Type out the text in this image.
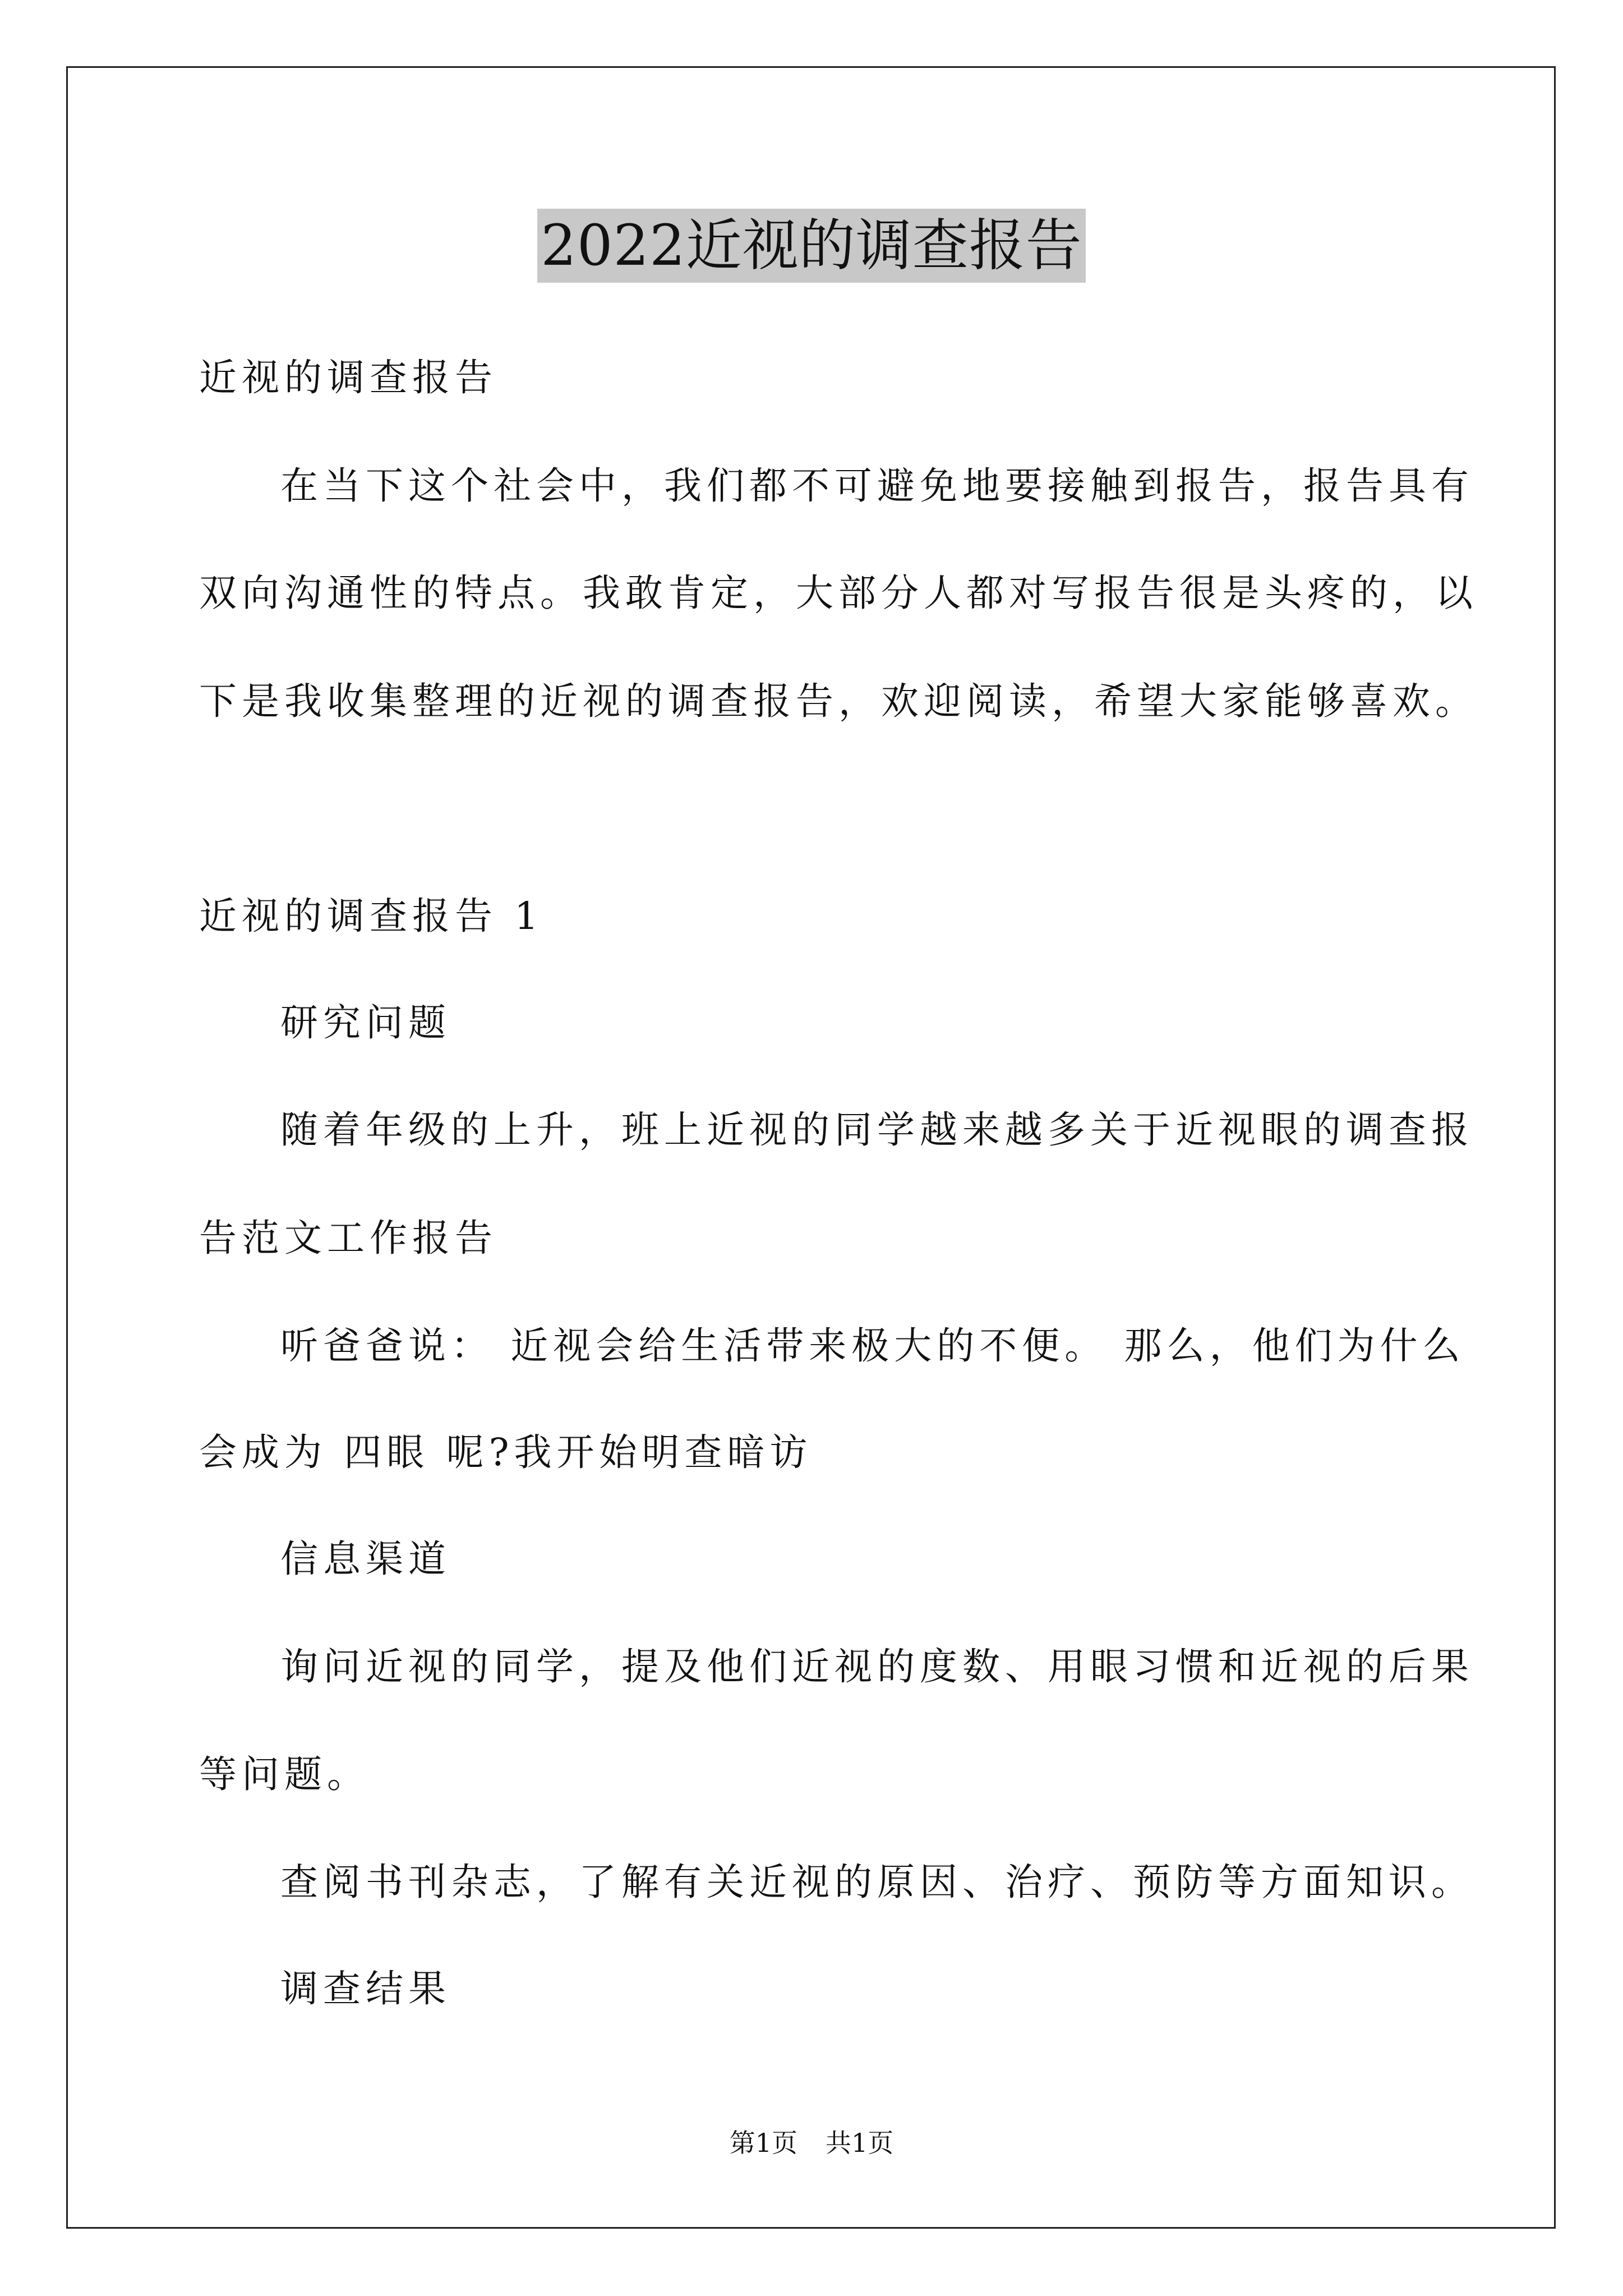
2022近视的调查报告
近视的调查报告
在当下这个社会中，我们都不可避免地要接触到报告，报告具有
双向沟通性的特点。我敢肯定，大部分人都对写报告很是头疼的，以
下是我收集整理的近视的调查报告，欢迎阅读，希望大家能够喜欢。
近视的调查报告 1
研究问题
随着年级的上升，班上近视的同学越来越多关于近视眼的调查报
告范文工作报告
听爸爸说： 近视会给生活带来极大的不便。 那么，他们为什么
会成为 四眼 呢?我开始明查暗访
信息渠道
询问近视的同学，提及他们近视的度数、用眼习惯和近视的后果
等问题。
查阅书刊杂志，了解有关近视的原因、治疗、预防等方面知识。
调查结果
第1页 共1页
